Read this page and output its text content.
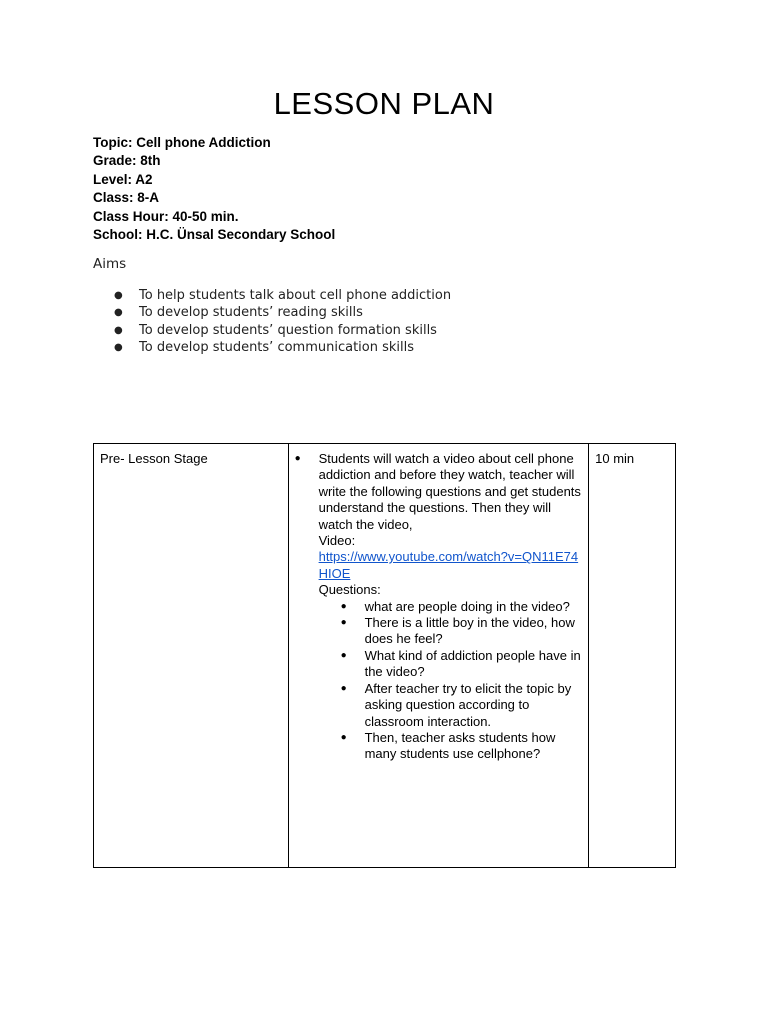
LESSON PLAN
Topic: Cell phone Addiction
Grade: 8th
Level: A2
Class: 8-A
Class Hour: 40-50 min.
School: H.C. Ünsal Secondary School
Aims
● To help students talk about cell phone addiction
● To develop students’ reading skills
● To develop students’ question formation skills
● To develop students’ communication skills
Pre- Lesson Stage	●	Students will watch a video about cell phone addiction and before they watch, teacher will write the following questions and get students understand the questions. Then they will watch the video,
Video:
https://www.youtube.com/watch?v=QN11E74HIOE
Questions:
●	what are people doing in the video?
●	There is a little boy in the video, how does he feel?
●	What kind of addiction people have in the video?
●	After teacher try to elicit the topic by asking question according to classroom interaction.
●	Then, teacher asks students how many students use cellphone?
	10 min
